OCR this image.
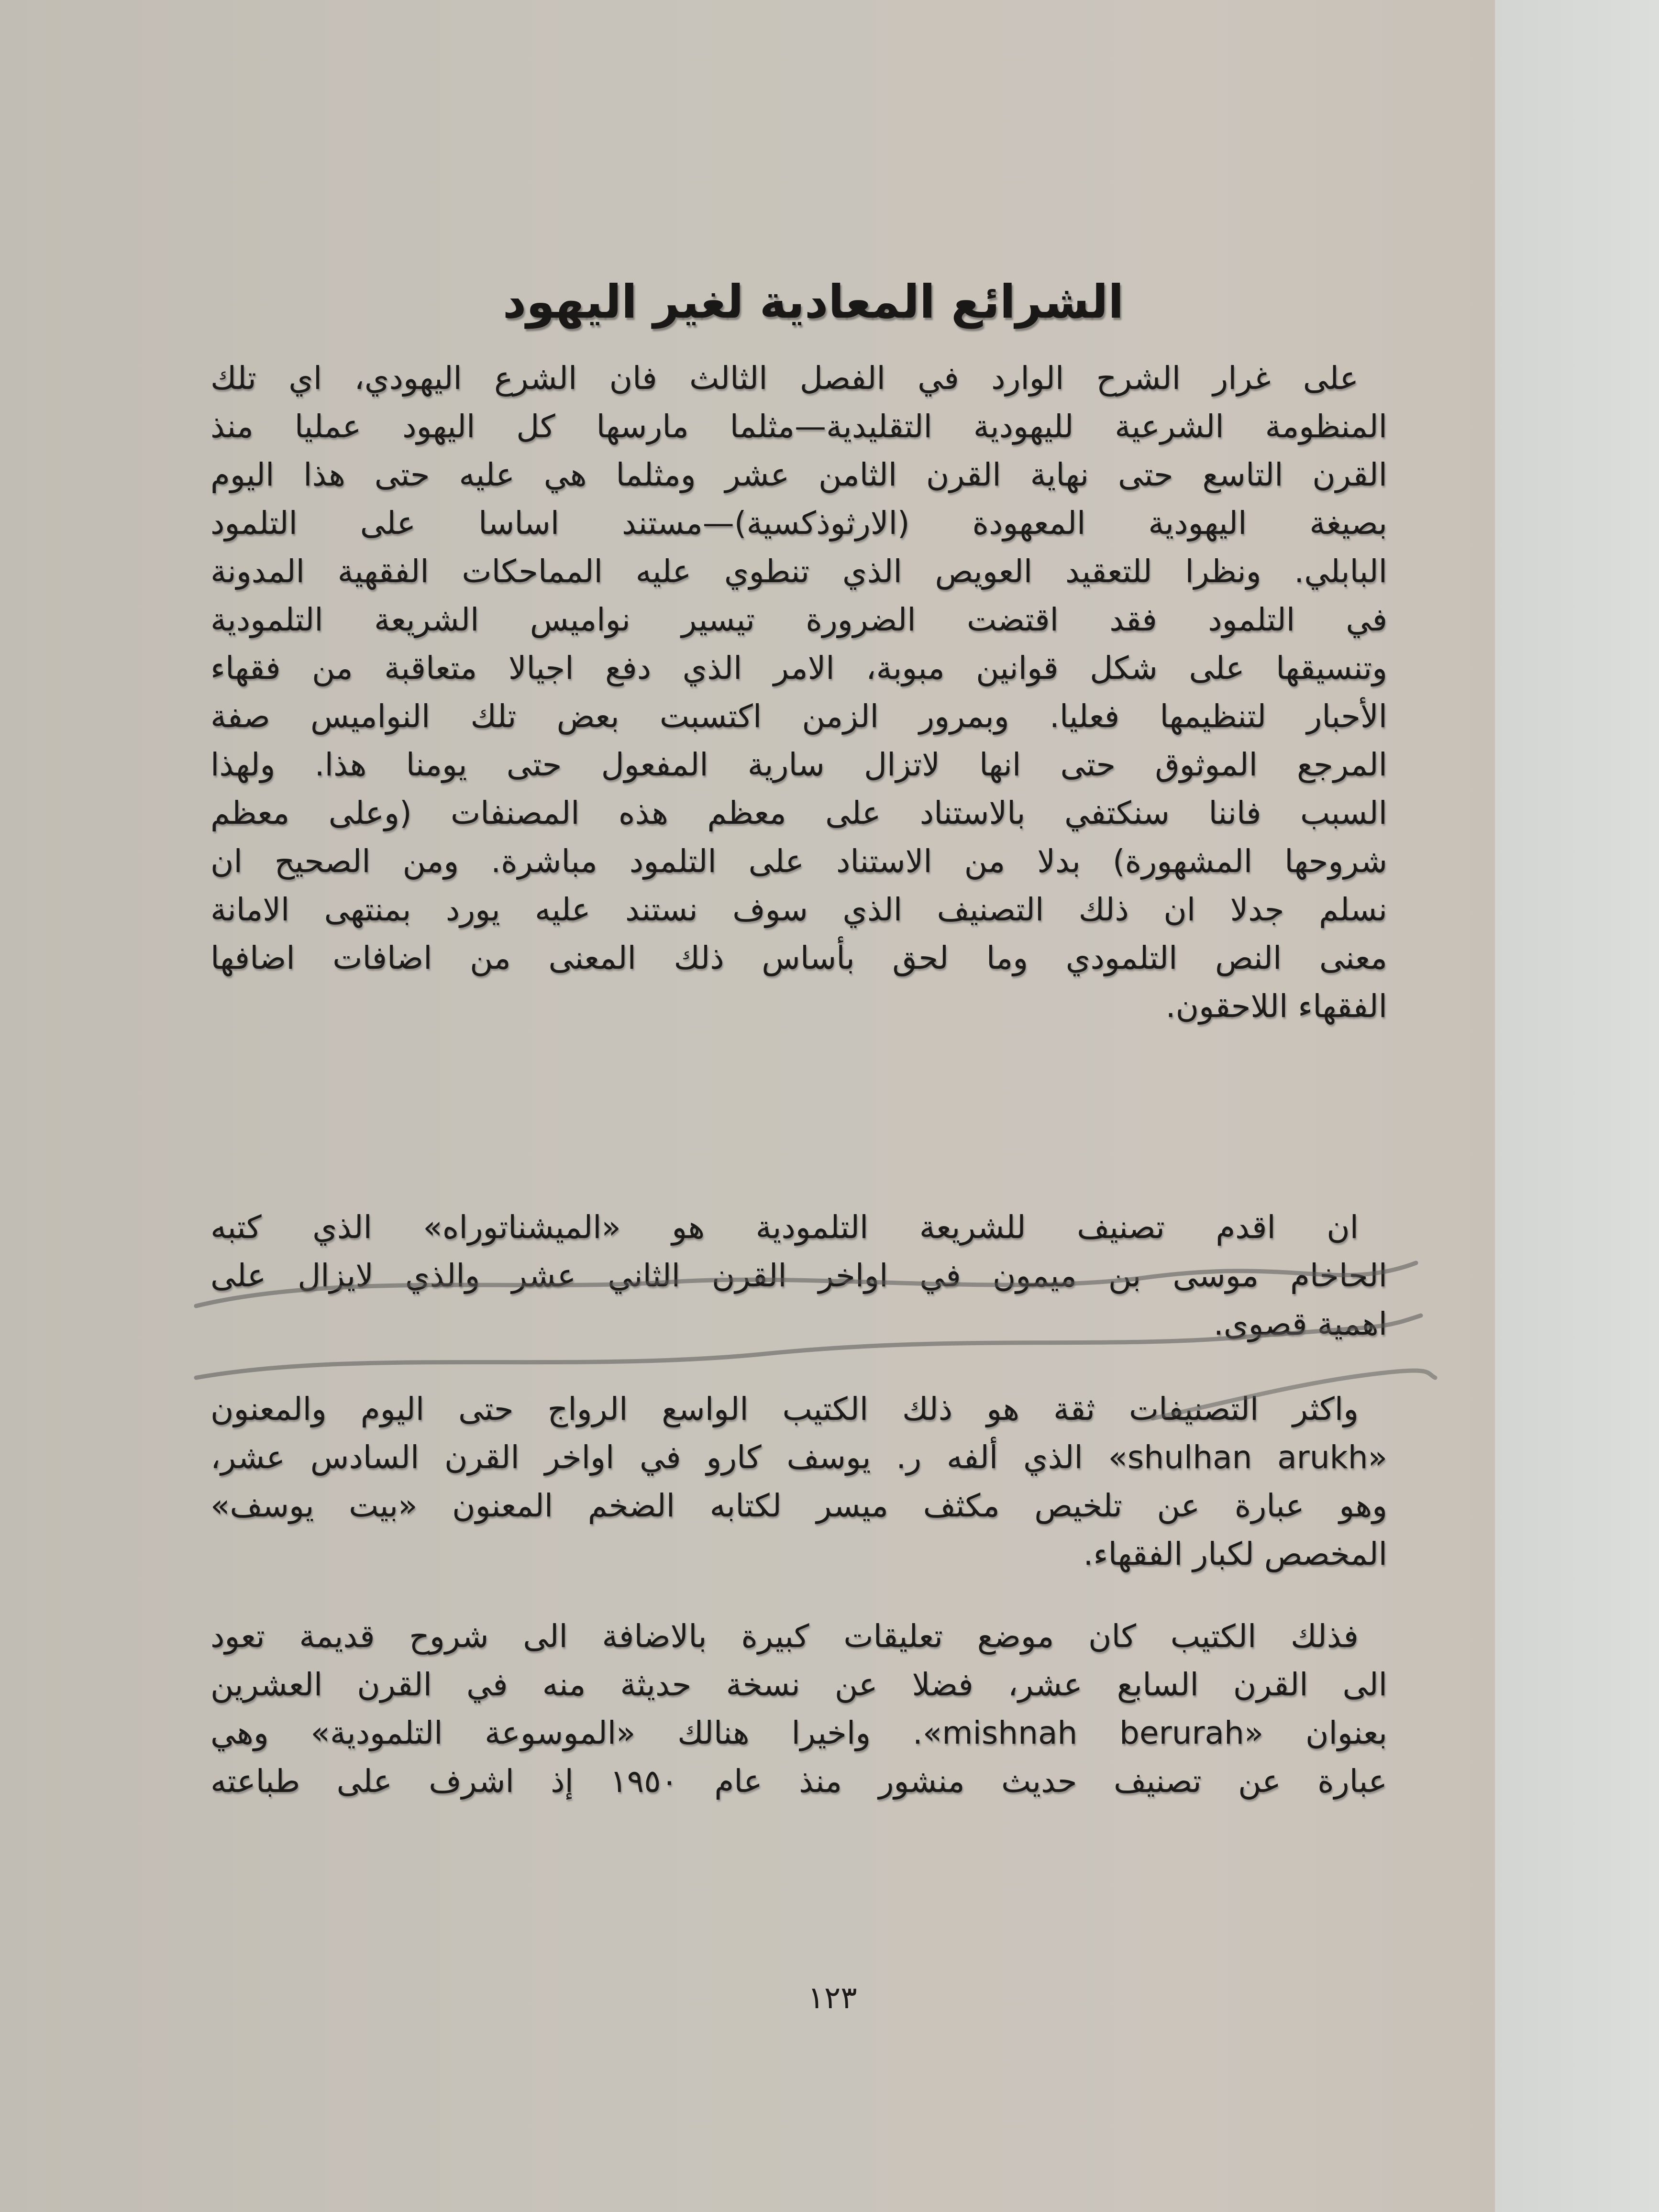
الشرائع المعادية لغير اليهود
على غرار الشرح الوارد في الفصل الثالث فان الشرع اليهودي، اي تلك
المنظومة الشرعية لليهودية التقليدية—مثلما مارسها كل اليهود عمليا منذ
القرن التاسع حتى نهاية القرن الثامن عشر ومثلما هي عليه حتى هذا اليوم
بصيغة اليهودية المعهودة (الارثوذكسية)—مستند اساسا على التلمود
البابلي. ونظرا للتعقيد العويص الذي تنطوي عليه المماحكات الفقهية المدونة
في التلمود فقد اقتضت الضرورة تيسير نواميس الشريعة التلمودية
وتنسيقها على شكل قوانين مبوبة، الامر الذي دفع اجيالا متعاقبة من فقهاء
الأحبار لتنظيمها فعليا. وبمرور الزمن اكتسبت بعض تلك النواميس صفة
المرجع الموثوق حتى انها لاتزال سارية المفعول حتى يومنا هذا. ولهذا
السبب فاننا سنكتفي بالاستناد على معظم هذه المصنفات (وعلى معظم
شروحها المشهورة) بدلا من الاستناد على التلمود مباشرة. ومن الصحيح ان
نسلم جدلا ان ذلك التصنيف الذي سوف نستند عليه يورد بمنتهى الامانة
معنى النص التلمودي وما لحق بأساس ذلك المعنى من اضافات اضافها
الفقهاء اللاحقون.
ان اقدم تصنيف للشريعة التلمودية هو «الميشناتوراه» الذي كتبه
الحاخام موسى بن ميمون في اواخر القرن الثاني عشر والذي لايزال على
اهمية قصوى.
واكثر التصنيفات ثقة هو ذلك الكتيب الواسع الرواج حتى اليوم والمعنون
«shulhan arukh» الذي ألفه ر. يوسف كارو في اواخر القرن السادس عشر،
وهو عبارة عن تلخيص مكثف ميسر لكتابه الضخم المعنون «بيت يوسف»
المخصص لكبار الفقهاء.
فذلك الكتيب كان موضع تعليقات كبيرة بالاضافة الى شروح قديمة تعود
الى القرن السابع عشر، فضلا عن نسخة حديثة منه في القرن العشرين
بعنوان «mishnah berurah». واخيرا هنالك «الموسوعة التلمودية» وهي
عبارة عن تصنيف حديث منشور منذ عام ١٩٥٠ إذ اشرف على طباعته
١٢٣
